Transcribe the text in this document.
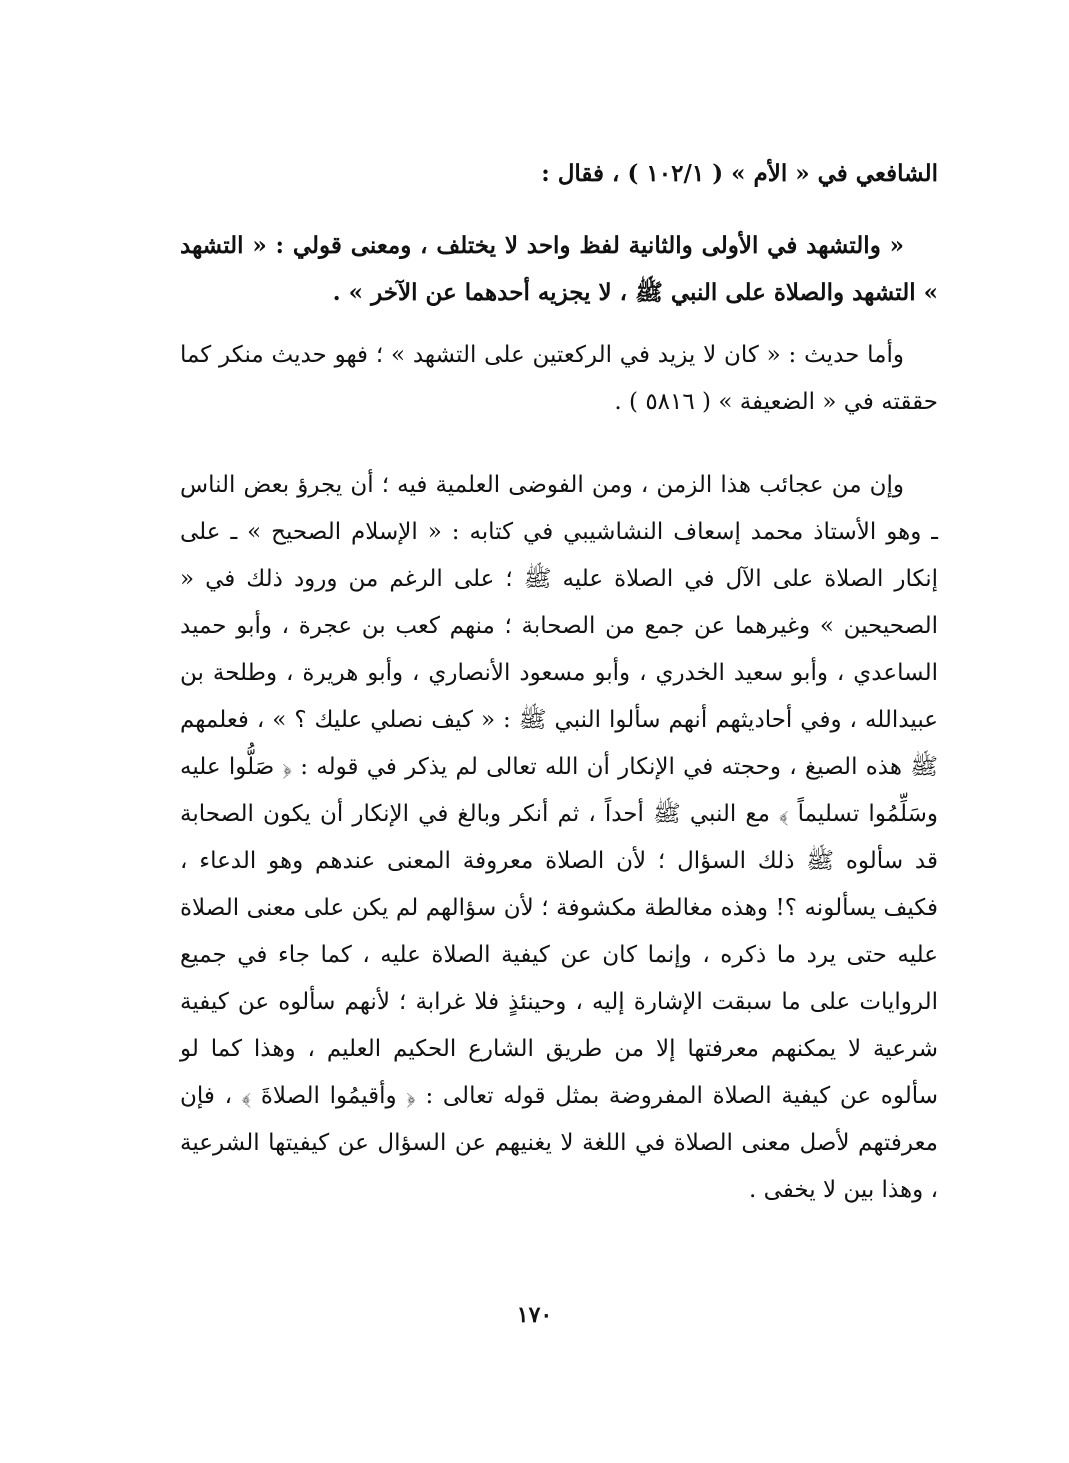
الشافعي في « الأم » ( ١٠٢/١ ) ، فقال :

« والتشهد في الأولى والثانية لفظ واحد لا يختلف ، ومعنى قولي : « التشهد » التشهد والصلاة على النبي ﷺ ، لا يجزيه أحدهما عن الآخر » .

وأما حديث : « كان لا يزيد في الركعتين على التشهد » ؛ فهو حديث منكر كما حققته في « الضعيفة » ( ٥٨١٦ ) .

وإن من عجائب هذا الزمن ، ومن الفوضى العلمية فيه ؛ أن يجرؤ بعض الناس ـ وهو الأستاذ محمد إسعاف النشاشيبي في كتابه : « الإسلام الصحيح » ـ على إنكار الصلاة على الآل في الصلاة عليه ﷺ ؛ على الرغم من ورود ذلك في « الصحيحين » وغيرهما عن جمع من الصحابة ؛ منهم كعب بن عجرة ، وأبو حميد الساعدي ، وأبو سعيد الخدري ، وأبو مسعود الأنصاري ، وأبو هريرة ، وطلحة بن عبيدالله ، وفي أحاديثهم أنهم سألوا النبي ﷺ : « كيف نصلي عليك ؟ » ، فعلمهم ﷺ هذه الصيغ ، وحجته في الإنكار أن الله تعالى لم يذكر في قوله : ﴿ صَلُّوا عليه وسَلِّمُوا تسليماً ﴾ مع النبي ﷺ أحداً ، ثم أنكر وبالغ في الإنكار أن يكون الصحابة قد سألوه ﷺ ذلك السؤال ؛ لأن الصلاة معروفة المعنى عندهم وهو الدعاء ، فكيف يسألونه ؟! وهذه مغالطة مكشوفة ؛ لأن سؤالهم لم يكن على معنى الصلاة عليه حتى يرد ما ذكره ، وإنما كان عن كيفية الصلاة عليه ، كما جاء في جميع الروايات على ما سبقت الإشارة إليه ، وحينئذٍ فلا غرابة ؛ لأنهم سألوه عن كيفية شرعية لا يمكنهم معرفتها إلا من طريق الشارع الحكيم العليم ، وهذا كما لو سألوه عن كيفية الصلاة المفروضة بمثل قوله تعالى : ﴿ وأقيمُوا الصلاةَ ﴾ ، فإن معرفتهم لأصل معنى الصلاة في اللغة لا يغنيهم عن السؤال عن كيفيتها الشرعية ، وهذا بين لا يخفى .

١٧٠
